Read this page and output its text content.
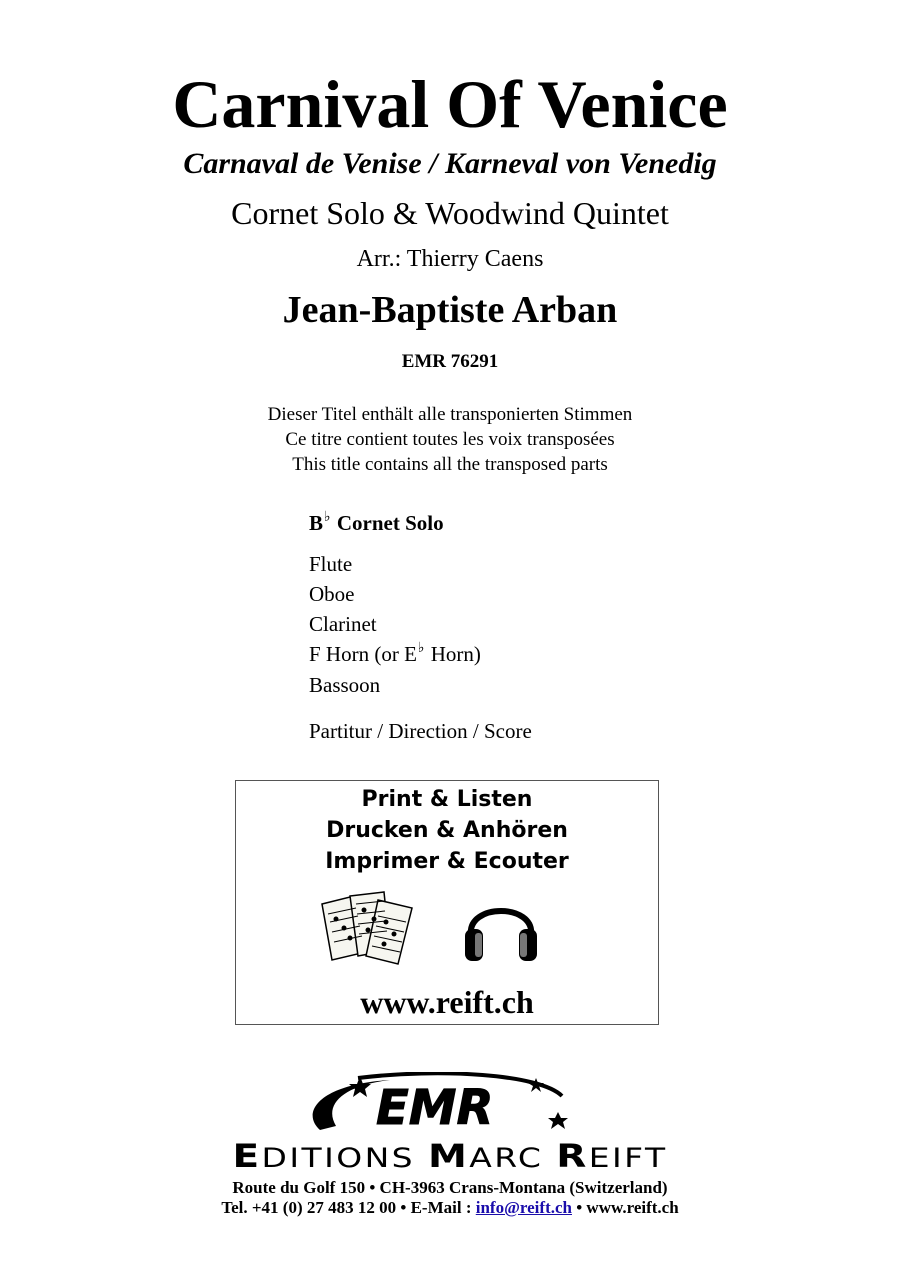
Carnival Of Venice
Carnaval de Venise / Karneval von Venedig
Cornet Solo & Woodwind Quintet
Arr.: Thierry Caens
Jean-Baptiste Arban
EMR 76291
Dieser Titel enthält alle transponierten Stimmen
Ce titre contient toutes les voix transposées
This title contains all the transposed parts
B♭ Cornet Solo
Flute
Oboe
Clarinet
F Horn (or E♭ Horn)
Bassoon
Partitur / Direction / Score
Print & Listen
Drucken & Anhören
Imprimer & Ecouter
www.reift.ch
EMR
EDITIONS MARC REIFT
Route du Golf 150 • CH-3963 Crans-Montana (Switzerland)
Tel. +41 (0) 27 483 12 00 • E-Mail : info@reift.ch • www.reift.ch
